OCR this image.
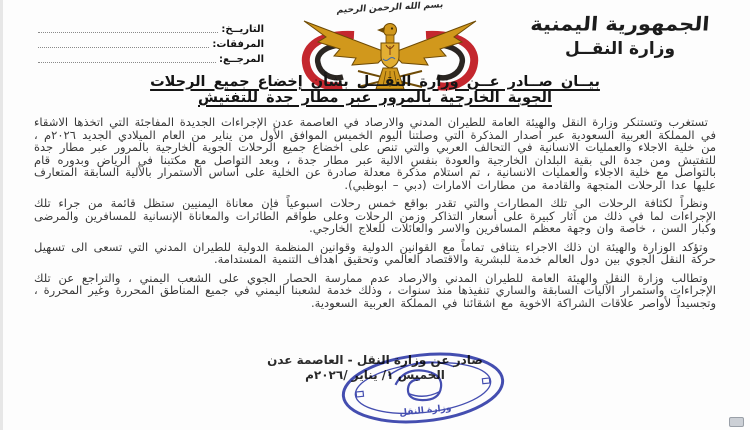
الجمهورية اليمنية
وزارة النقــل
بسم الله الرحمن الرحيم
التاريــخ:
المرفقات:
المرجــع:
بيــان صــادر عــن وزارة النقـــل بشأن إخضاع جميع الرحلات
الجوية الخارجية بالمرور عبر مطار جدة للتفتيش

تستغرب وتستنكر وزارة النقل والهيئة العامة للطيران المدني والارصاد في العاصمة عدن الإجراءات الجديدة المفاجئة التي اتخذها الاشقاء في المملكة العربية السعودية عبر اصدار المذكرة التي وصلتنا اليوم الخميس الموافق الأول من يناير من العام الميلادي الجديد ٢٠٢٦م ، من خلية الاجلاء والعمليات الانسانية في التحالف العربي والتي تنص على اخضاع جميع الرحلات الجوية الخارجية بالمرور عبر مطار جدة للتفتيش ومن جدة الى بقية البلدان الخارجية والعودة بنفس الالية عبر مطار جدة ، وبعد التواصل مع مكتبنا في الرياض وبدوره قام بالتواصل مع خلية الاجلاء والعمليات الانسانية ، تم استلام مذكرة معدلة صادرة عن الخلية على أساس الاستمرار بالألية السابقة المتعارف عليها عدا الرحلات المتجهة والقادمة من مطارات الامارات (دبي – ابوظبي).

ونظراً لكثافة الرحلات الى تلك المطارات والتي تقدر بواقع خمس رحلات اسبوعياً فإن معاناة اليمنيين ستظل قائمة من جراء تلك الإجراءات لما في ذلك من آثار كبيرة على أسعار التذاكر وزمن الرحلات وعلى طواقم الطائرات والمعاناة الإنسانية للمسافرين والمرضى وكبار السن ، خاصة وان وجهة معظم المسافرين والاسر والعائلات للعلاج الخارجي.

وتؤكد الوزارة والهيئة ان ذلك الاجراء يتنافى تماماً مع القوانين الدولية وقوانين المنظمة الدولية للطيران المدني التي تسعى الى تسهيل حركة النقل الجوي بين دول العالم خدمة للبشرية والاقتصاد العالمي وتحقيق اهداف التنمية المستدامة.

وتطالب وزارة النقل والهيئة العامة للطيران المدني والارصاد عدم ممارسة الحصار الجوي على الشعب اليمني ، والتراجع عن تلك الإجراءات واستمرار الآليات السابقة والساري تنفيذها منذ سنوات ، وذلك خدمة لشعبنا اليمني في جميع المناطق المحررة وغير المحررة ، وتجسيداً لأواصر علاقات الشراكة الاخوية مع اشقائنا في المملكة العربية السعودية.

صادر عن وزارة النقل - العاصمة عدن
الخميس ١/ يناير /٢٠٢٦م
وزارة النقل
